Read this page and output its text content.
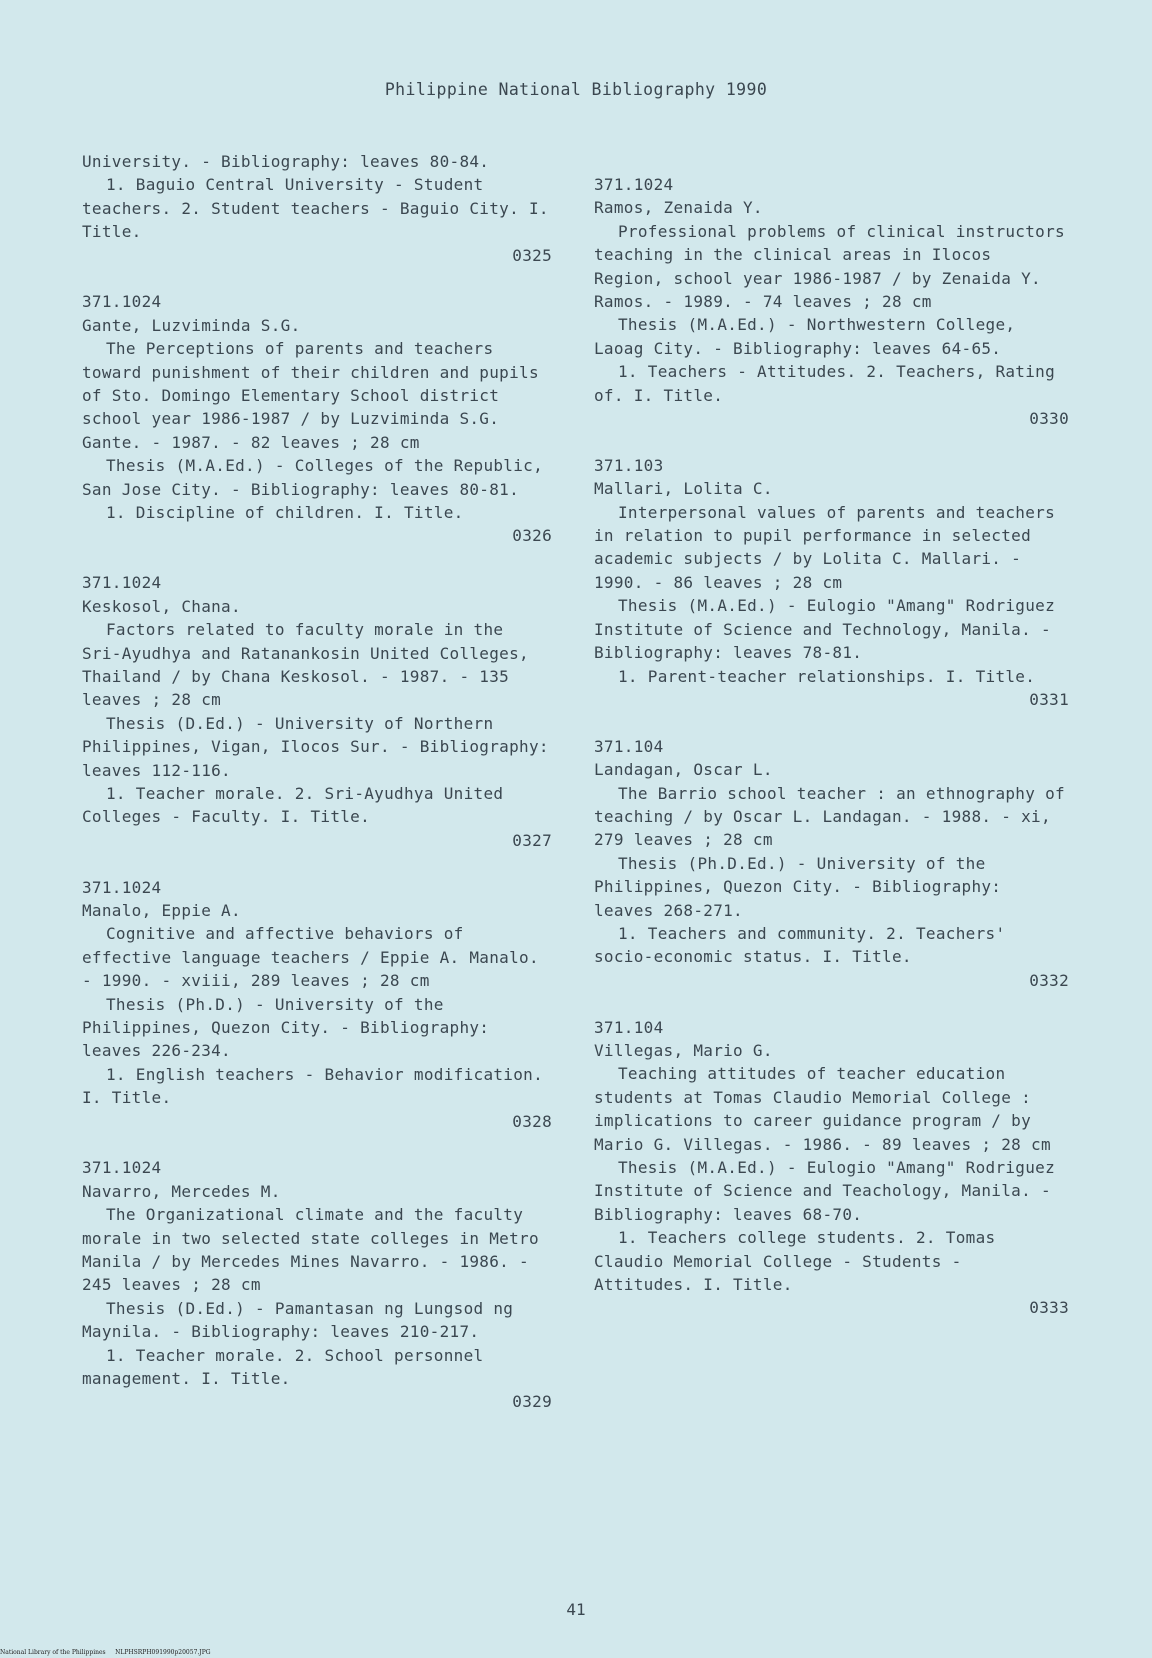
Philippine National Bibliography 1990

University. - Bibliography: leaves 80-84.

1. Baguio Central University - Student teachers. 2. Student teachers - Baguio City. I. Title.

0325

371.1024

Gante, Luzviminda S.G.

The Perceptions of parents and teachers toward punishment of their children and pupils of Sto. Domingo Elementary School district school year 1986-1987 / by Luzviminda S.G. Gante. - 1987. - 82 leaves ; 28 cm

Thesis (M.A.Ed.) - Colleges of the Republic, San Jose City. - Bibliography: leaves 80-81.

1. Discipline of children. I. Title.

0326

371.1024

Keskosol, Chana.

Factors related to faculty morale in the Sri-Ayudhya and Ratanankosin United Colleges, Thailand / by Chana Keskosol. - 1987. - 135 leaves ; 28 cm

Thesis (D.Ed.) - University of Northern Philippines, Vigan, Ilocos Sur. - Bibliography: leaves 112-116.

1. Teacher morale. 2. Sri-Ayudhya United Colleges - Faculty. I. Title.

0327

371.1024

Manalo, Eppie A.

Cognitive and affective behaviors of effective language teachers / Eppie A. Manalo. - 1990. - xviii, 289 leaves ; 28 cm

Thesis (Ph.D.) - University of the Philippines, Quezon City. - Bibliography: leaves 226-234.

1. English teachers - Behavior modification. I. Title.

0328

371.1024

Navarro, Mercedes M.

The Organizational climate and the faculty morale in two selected state colleges in Metro Manila / by Mercedes Mines Navarro. - 1986. - 245 leaves ; 28 cm

Thesis (D.Ed.) - Pamantasan ng Lungsod ng Maynila. - Bibliography: leaves 210-217.

1. Teacher morale. 2. School personnel management. I. Title.

0329

371.1024

Ramos, Zenaida Y.

Professional problems of clinical instructors teaching in the clinical areas in Ilocos Region, school year 1986-1987 / by Zenaida Y. Ramos. - 1989. - 74 leaves ; 28 cm

Thesis (M.A.Ed.) - Northwestern College, Laoag City. - Bibliography: leaves 64-65.

1. Teachers - Attitudes. 2. Teachers, Rating of. I. Title.

0330

371.103

Mallari, Lolita C.

Interpersonal values of parents and teachers in relation to pupil performance in selected academic subjects / by Lolita C. Mallari. - 1990. - 86 leaves ; 28 cm

Thesis (M.A.Ed.) - Eulogio "Amang" Rodriguez Institute of Science and Technology, Manila. - Bibliography: leaves 78-81.

1. Parent-teacher relationships. I. Title.

0331

371.104

Landagan, Oscar L.

The Barrio school teacher : an ethnography of teaching / by Oscar L. Landagan. - 1988. - xi, 279 leaves ; 28 cm

Thesis (Ph.D.Ed.) - University of the Philippines, Quezon City. - Bibliography: leaves 268-271.

1. Teachers and community. 2. Teachers' socio-economic status. I. Title.

0332

371.104

Villegas, Mario G.

Teaching attitudes of teacher education students at Tomas Claudio Memorial College : implications to career guidance program / by Mario G. Villegas. - 1986. - 89 leaves ; 28 cm

Thesis (M.A.Ed.) - Eulogio "Amang" Rodriguez Institute of Science and Teachology, Manila. - Bibliography: leaves 68-70.

1. Teachers college students. 2. Tomas Claudio Memorial College - Students - Attitudes. I. Title.

0333

41
National Library of the Philippines     NLPHSRPH091990p20057.JPG
